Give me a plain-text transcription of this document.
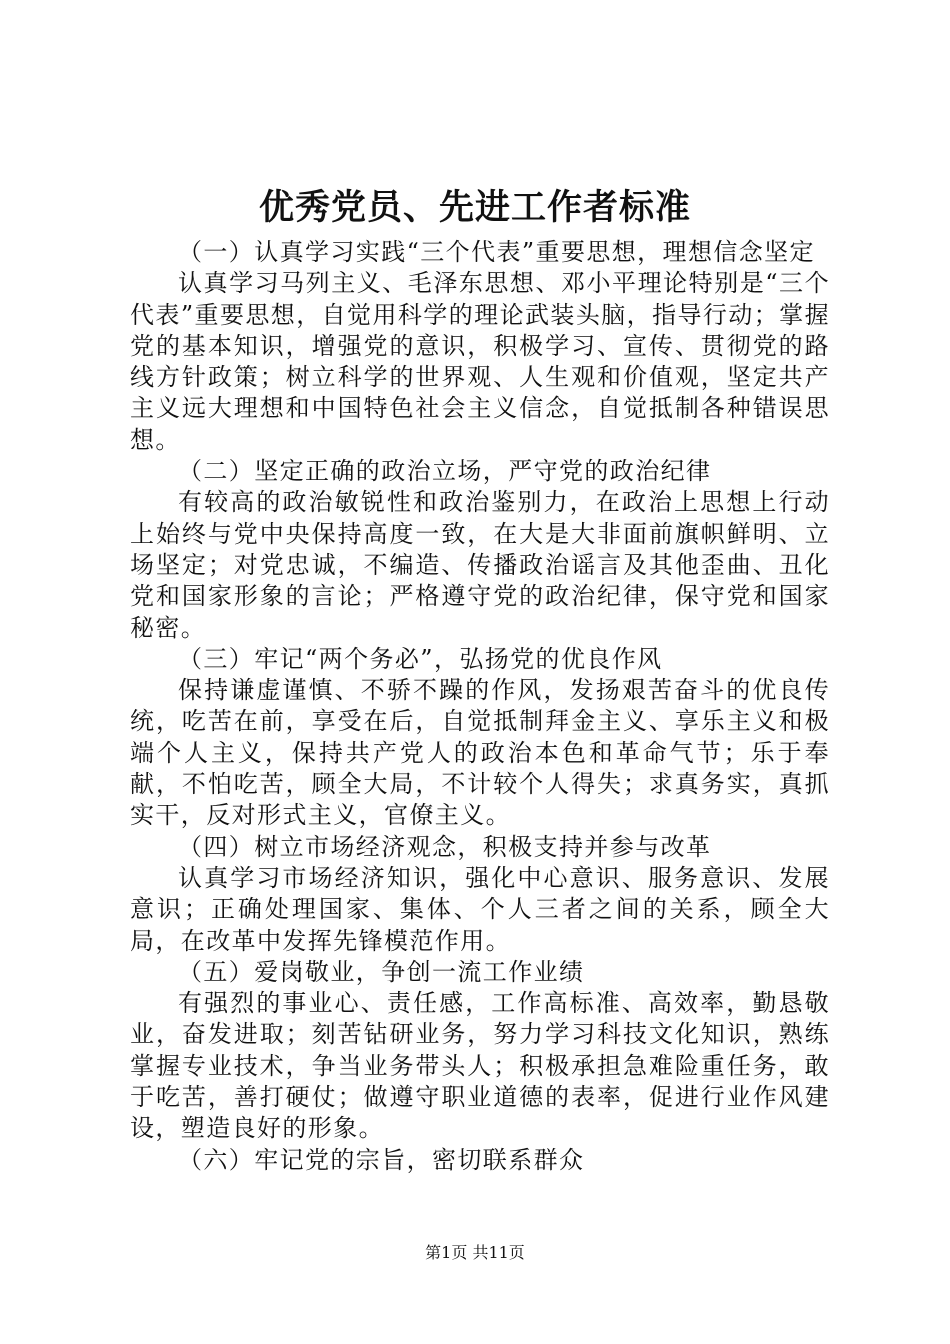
优秀党员、先进工作者标准

（一）认真学习实践“三个代表”重要思想，理想信念坚定

认真学习马列主义、毛泽东思想、邓小平理论特别是“三个代表”重要思想，自觉用科学的理论武装头脑，指导行动；掌握党的基本知识，增强党的意识，积极学习、宣传、贯彻党的路线方针政策；树立科学的世界观、人生观和价值观，坚定共产主义远大理想和中国特色社会主义信念，自觉抵制各种错误思想。

（二）坚定正确的政治立场，严守党的政治纪律

有较高的政治敏锐性和政治鉴别力，在政治上思想上行动上始终与党中央保持高度一致，在大是大非面前旗帜鲜明、立场坚定；对党忠诚，不编造、传播政治谣言及其他歪曲、丑化党和国家形象的言论；严格遵守党的政治纪律，保守党和国家秘密。

（三）牢记“两个务必”，弘扬党的优良作风

保持谦虚谨慎、不骄不躁的作风，发扬艰苦奋斗的优良传统，吃苦在前，享受在后，自觉抵制拜金主义、享乐主义和极端个人主义，保持共产党人的政治本色和革命气节；乐于奉献，不怕吃苦，顾全大局，不计较个人得失；求真务实，真抓实干，反对形式主义，官僚主义。

（四）树立市场经济观念，积极支持并参与改革

认真学习市场经济知识，强化中心意识、服务意识、发展意识；正确处理国家、集体、个人三者之间的关系，顾全大局，在改革中发挥先锋模范作用。

（五）爱岗敬业，争创一流工作业绩

有强烈的事业心、责任感，工作高标准、高效率，勤恳敬业，奋发进取；刻苦钻研业务，努力学习科技文化知识，熟练掌握专业技术，争当业务带头人；积极承担急难险重任务，敢于吃苦，善打硬仗；做遵守职业道德的表率，促进行业作风建设，塑造良好的形象。

（六）牢记党的宗旨，密切联系群众

第1页 共11页
